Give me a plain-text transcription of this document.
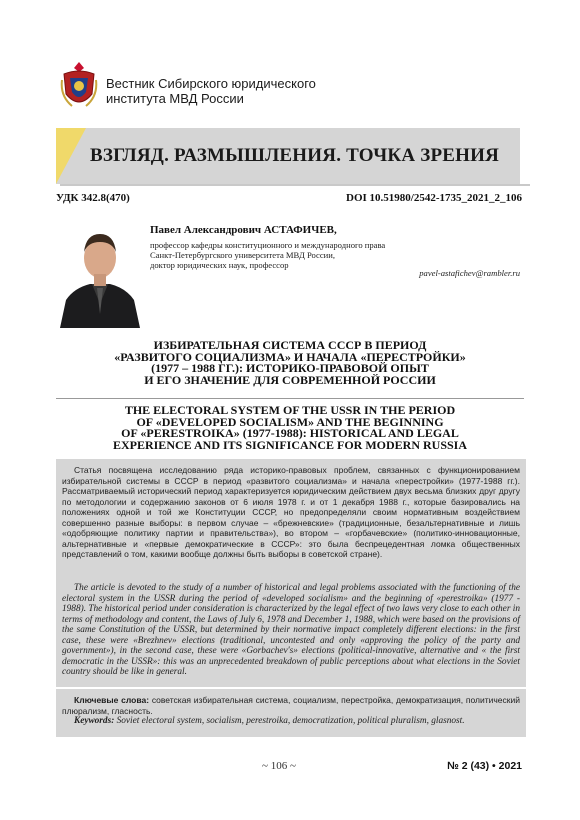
Вестник Сибирского юридического
института МВД России
ВЗГЛЯД. РАЗМЫШЛЕНИЯ. ТОЧКА ЗРЕНИЯ
УДК 342.8(470)	DOI 10.51980/2542-1735_2021_2_106
Павел Александрович АСТАФИЧЕВ,
профессор кафедры конституционного и международного права
Санкт-Петербургского университета МВД России,
доктор юридических наук, профессор
pavel-astafichev@rambler.ru
ИЗБИРАТЕЛЬНАЯ СИСТЕМА СССР В ПЕРИОД
«РАЗВИТОГО СОЦИАЛИЗМА» И НАЧАЛА «ПЕРЕСТРОЙКИ»
(1977 – 1988 ГГ.): ИСТОРИКО-ПРАВОВОЙ ОПЫТ
И ЕГО ЗНАЧЕНИЕ ДЛЯ СОВРЕМЕННОЙ РОССИИ
THE ELECTORAL SYSTEM OF THE USSR IN THE PERIOD
OF «DEVELOPED SOCIALISM» AND THE BEGINNING
OF «PERESTROIKA» (1977-1988): HISTORICAL AND LEGAL
EXPERIENCE AND ITS SIGNIFICANCE FOR MODERN RUSSIA
Статья посвящена исследованию ряда историко-правовых проблем, связанных с функционированием избирательной системы в СССР в период «развитого социализма» и начала «перестройки» (1977-1988 гг.). Рассматриваемый исторический период характеризуется юридическим действием двух весьма близких друг другу по методологии и содержанию законов от 6 июля 1978 г. и от 1 декабря 1988 г., которые базировались на положениях одной и той же Конституции СССР, но предопределяли своим нормативным воздействием совершенно разные выборы: в первом случае – «брежневские» (традиционные, безальтернативные и лишь «одобряющие политику партии и правительства»), во втором – «горбачевские» (политико-инновационные, альтернативные и «первые демократические в СССР»: это была беспрецедентная ломка общественных представлений о том, какими вообще должны быть выборы в советской стране).
The article is devoted to the study of a number of historical and legal problems associated with the functioning of the electoral system in the USSR during the period of «developed socialism» and the beginning of «perestroika» (1977 - 1988). The historical period under consideration is characterized by the legal effect of two laws very close to each other in terms of methodology and content, the Laws of July 6, 1978 and December 1, 1988, which were based on the provisions of the same Constitution of the USSR, but determined by their normative impact completely different elections: in the first case, these were «Brezhnev» elections (traditional, uncontested and only «approving the policy of the party and government»), in the second case, these were «Gorbachev's» elections (political-innovative, alternative and « the first democratic in the USSR»: this was an unprecedented breakdown of public perceptions about what elections in the Soviet country should be like in general.
Ключевые слова: советская избирательная система, социализм, перестройка, демократизация, политический плюрализм, гласность.
Keywords: Soviet electoral system, socialism, perestroika, democratization, political pluralism, glasnost.
~ 106 ~	№ 2 (43) • 2021
